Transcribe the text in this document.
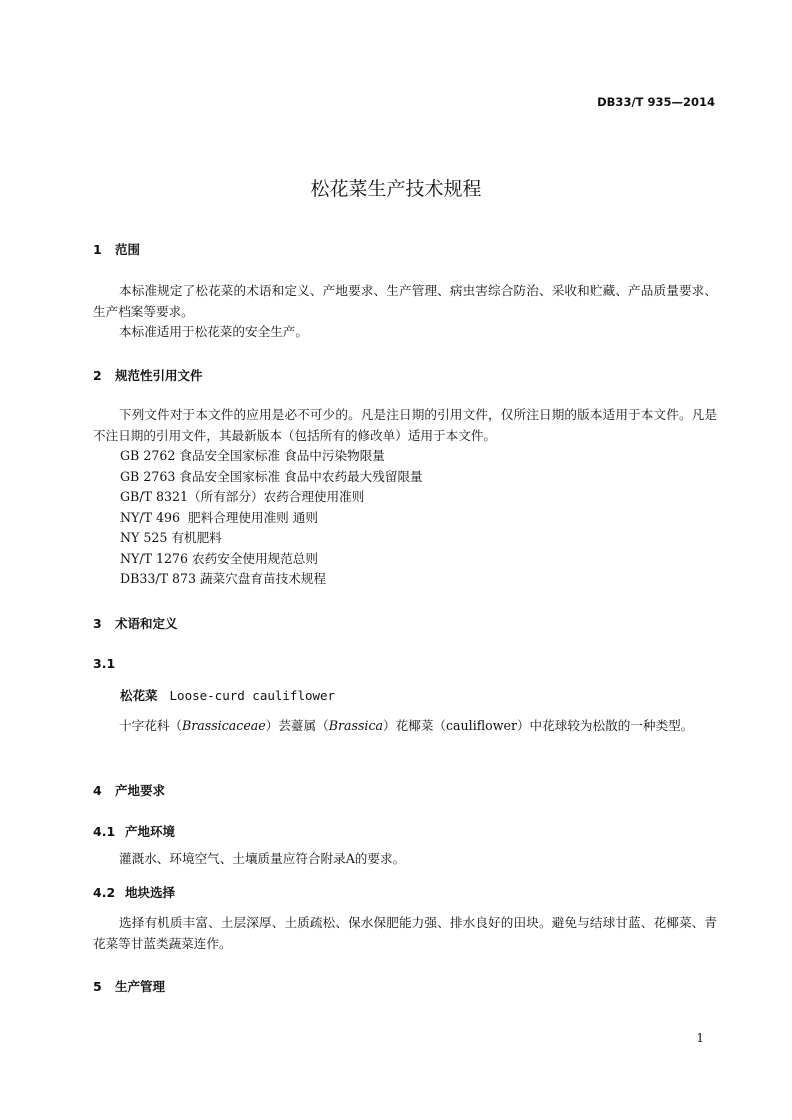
DB33/T 935—2014
松花菜生产技术规程
1 范围
本标准规定了松花菜的术语和定义、产地要求、生产管理、病虫害综合防治、采收和贮藏、产品质量要求、生产档案等要求。
本标准适用于松花菜的安全生产。
2 规范性引用文件
下列文件对于本文件的应用是必不可少的。凡是注日期的引用文件，仅所注日期的版本适用于本文件。凡是不注日期的引用文件，其最新版本（包括所有的修改单）适用于本文件。
GB 2762 食品安全国家标准 食品中污染物限量
GB 2763 食品安全国家标准 食品中农药最大残留限量
GB/T 8321（所有部分）农药合理使用准则
NY/T 496  肥料合理使用准则 通则
NY 525 有机肥料
NY/T 1276 农药安全使用规范总则
DB33/T 873 蔬菜穴盘育苗技术规程
3 术语和定义
3.1
松花菜 Loose-curd cauliflower
十字花科（Brassicaceae）芸薹属（Brassica）花椰菜（cauliflower）中花球较为松散的一种类型。
4 产地要求
4.1 产地环境
灌溉水、环境空气、土壤质量应符合附录A的要求。
4.2 地块选择
选择有机质丰富、土层深厚、土质疏松、保水保肥能力强、排水良好的田块。避免与结球甘蓝、花椰菜、青花菜等甘蓝类蔬菜连作。
5 生产管理
1
